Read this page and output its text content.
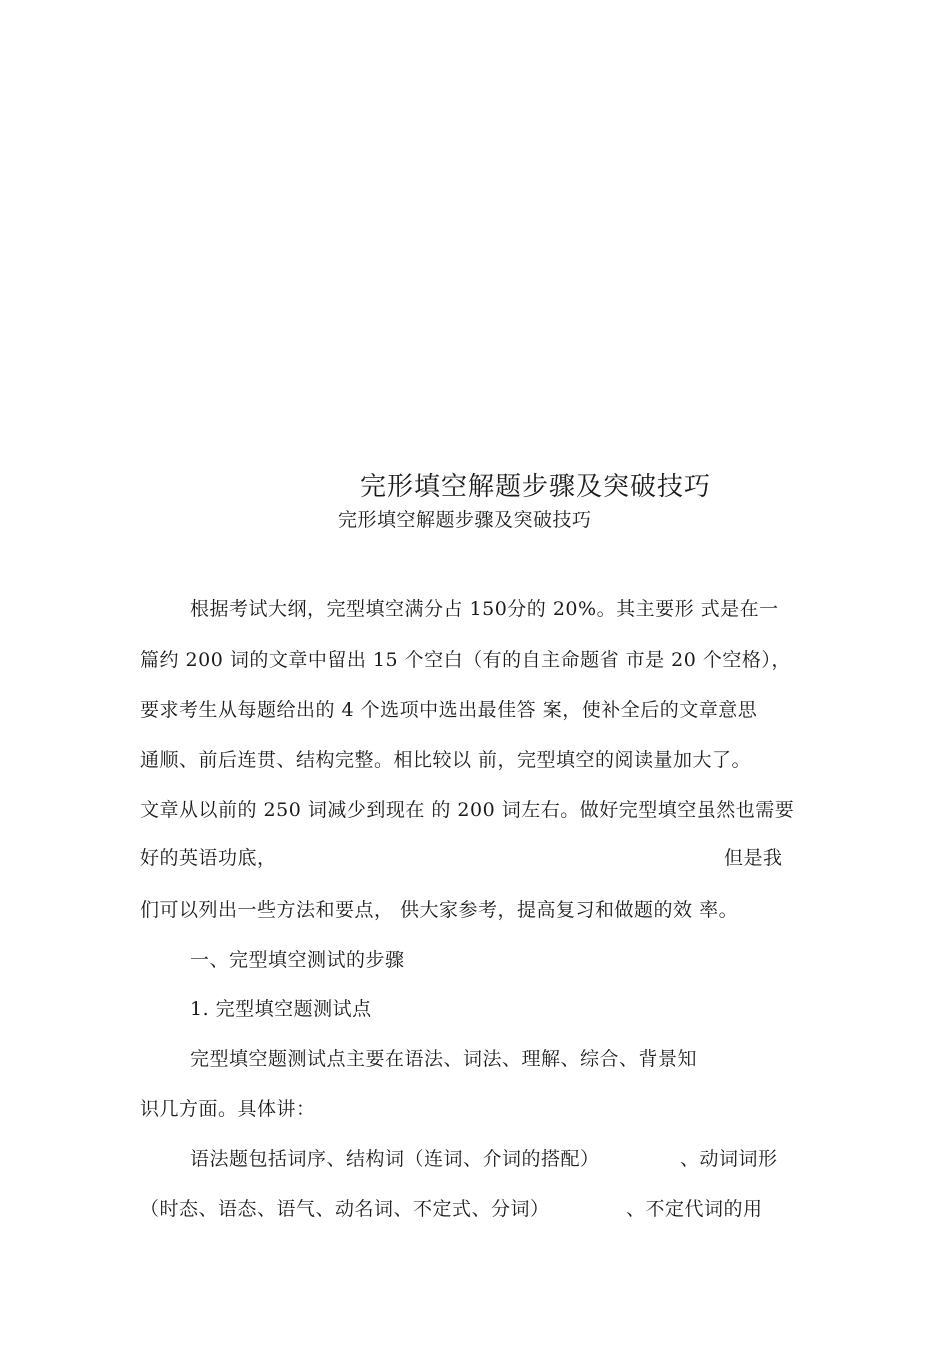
完形填空解题步骤及突破技巧
完形填空解题步骤及突破技巧
根据考试大纲，完型填空满分占 150分的 20%。其主要形 式是在一
篇约 200 词的文章中留出 15 个空白（有的自主命题省 市是 20 个空格），
要求考生从每题给出的 4 个选项中选出最佳答 案，使补全后的文章意思
通顺、前后连贯、结构完整。相比较以 前，完型填空的阅读量加大了。
文章从以前的 250 词减少到现在 的 200 词左右。做好完型填空虽然也需要
好的英语功底，	但是我
们可以列出一些方法和要点， 供大家参考，提高复习和做题的效 率。
一、完型填空测试的步骤
1. 完型填空题测试点
完型填空题测试点主要在语法、词法、理解、综合、背景知
识几方面。具体讲：
语法题包括词序、结构词（连词、介词的搭配）	、动词词形
（时态、语态、语气、动名词、不定式、分词）	、不定代词的用
